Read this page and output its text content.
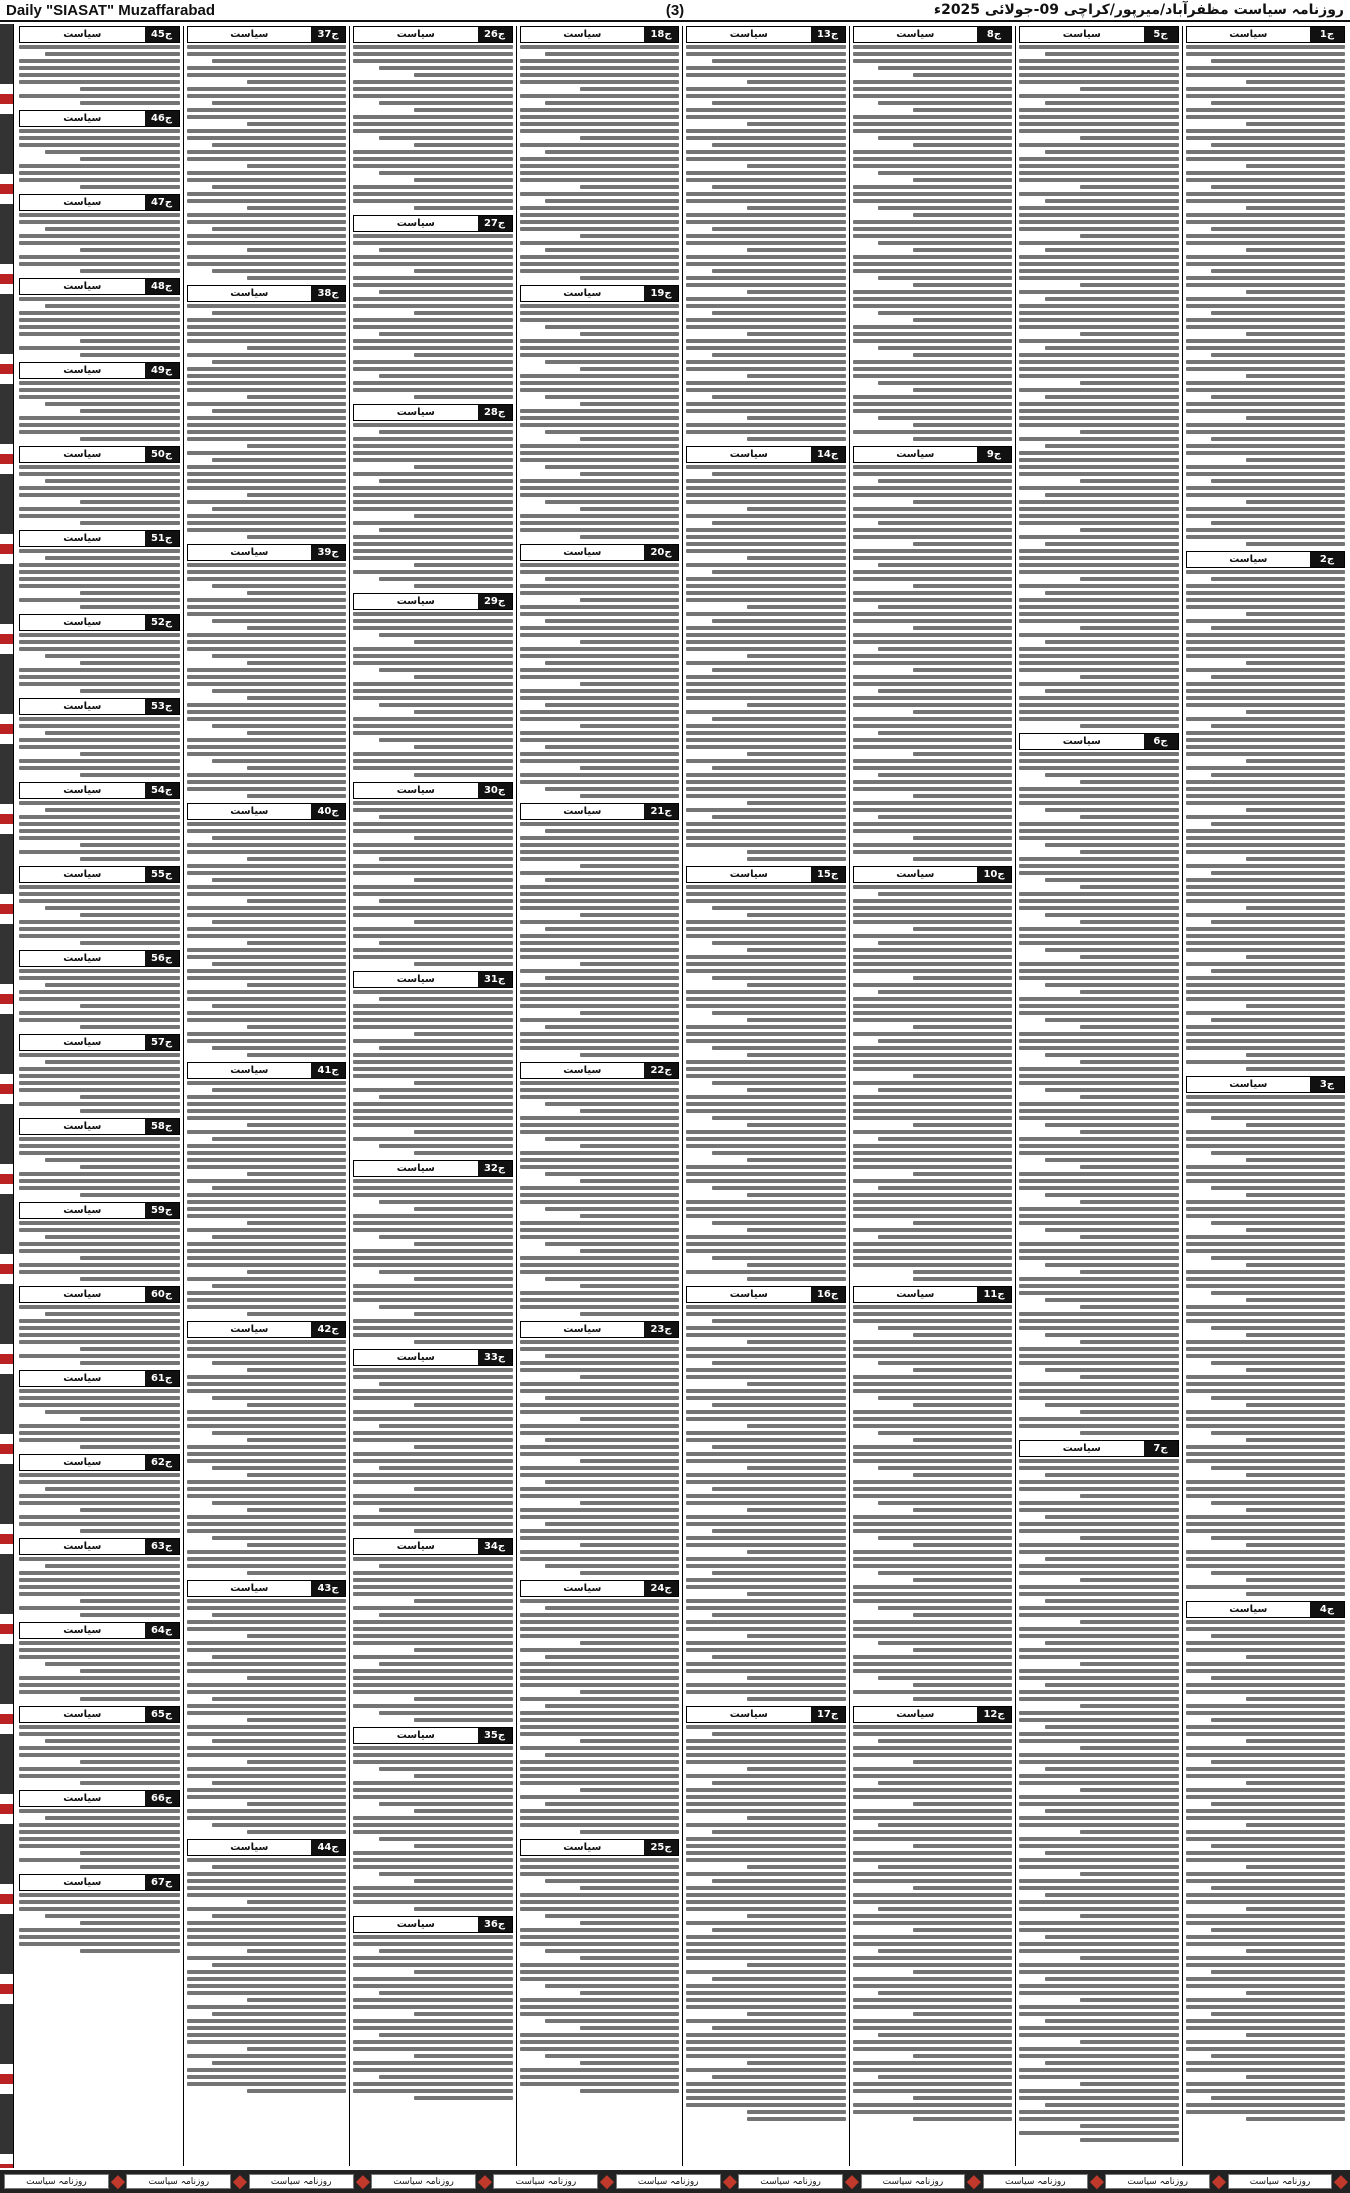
Daily "SIASAT" Muzaffarabad	(3)	روزنامہ سیاست مظفرآباد/میرپور/کراچی 09-جولائی 2025ء
ج1
سیاست
ج2
سیاست
ج3
سیاست
ج4
سیاست
ج5
سیاست
ج6
سیاست
ج7
سیاست
ج8
سیاست
ج9
سیاست
ج10
سیاست
ج11
سیاست
ج12
سیاست
ج13
سیاست
ج14
سیاست
ج15
سیاست
ج16
سیاست
ج17
سیاست
ج18
سیاست
ج19
سیاست
ج20
سیاست
ج21
سیاست
ج22
سیاست
ج23
سیاست
ج24
سیاست
ج25
سیاست
ج26
سیاست
ج27
سیاست
ج28
سیاست
ج29
سیاست
ج30
سیاست
ج31
سیاست
ج32
سیاست
ج33
سیاست
ج34
سیاست
ج35
سیاست
ج36
سیاست
ج37
سیاست
ج38
سیاست
ج39
سیاست
ج40
سیاست
ج41
سیاست
ج42
سیاست
ج43
سیاست
ج44
سیاست
ج45
سیاست
ج46
سیاست
ج47
سیاست
ج48
سیاست
ج49
سیاست
ج50
سیاست
ج51
سیاست
ج52
سیاست
ج53
سیاست
ج54
سیاست
ج55
سیاست
ج56
سیاست
ج57
سیاست
ج58
سیاست
ج59
سیاست
ج60
سیاست
ج61
سیاست
ج62
سیاست
ج63
سیاست
ج64
سیاست
ج65
سیاست
ج66
سیاست
ج67
سیاست
روزنامہ سیاست	روزنامہ سیاست	روزنامہ سیاست	روزنامہ سیاست	روزنامہ سیاست	روزنامہ سیاست	روزنامہ سیاست	روزنامہ سیاست	روزنامہ سیاست	روزنامہ سیاست	روزنامہ سیاست
